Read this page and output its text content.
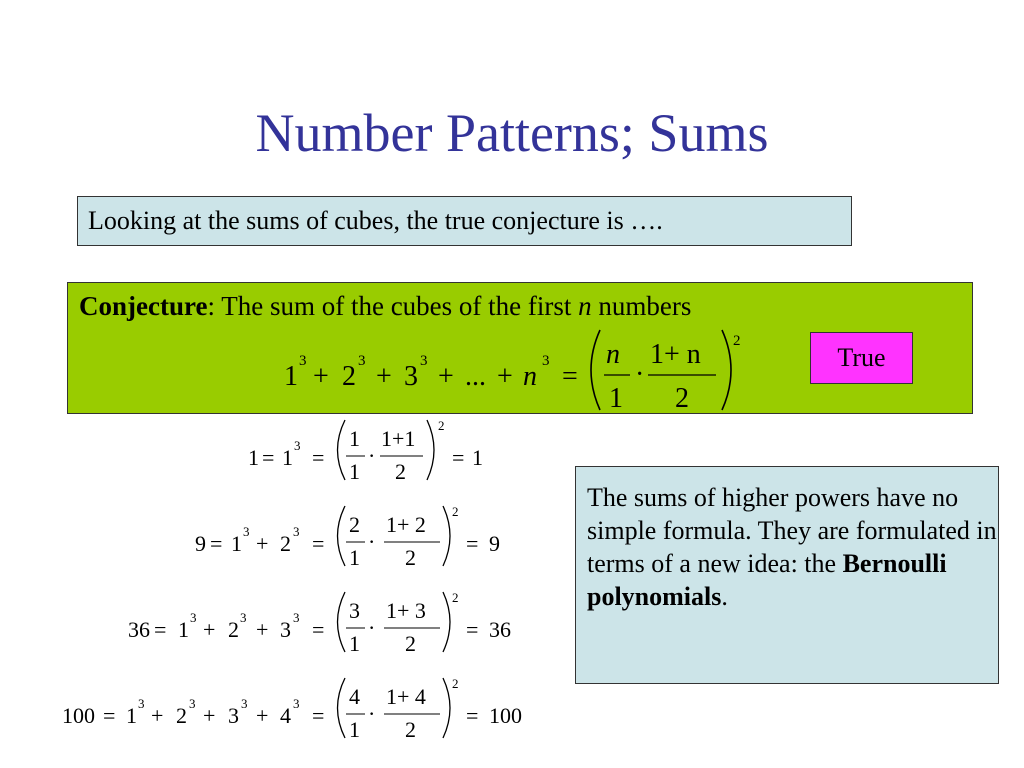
Number Patterns; Sums
Looking at the sums of cubes, the true conjecture is ….
Conjecture: The sum of the cubes of the first n numbers
True
The sums of higher powers have no simple formula. They are formulated in terms of a new idea: the Bernoulli polynomials.
1 3 + 2 3 + 3 3 + ... + n 3 =
n
1
·
1+ n
2
2
1 = 1 3 =
1
1
·
1+1
2
2
= 1
9 = 1 3 + 2 3 =
2
1
·
1+ 2
2
2
= 9
36 = 1 3 + 2 3 + 3 3 =
3
1
·
1+ 3
2
2
= 36
100 = 1 3 + 2 3 + 3 3 + 4 3 =
4
1
·
1+ 4
2
2
= 100
